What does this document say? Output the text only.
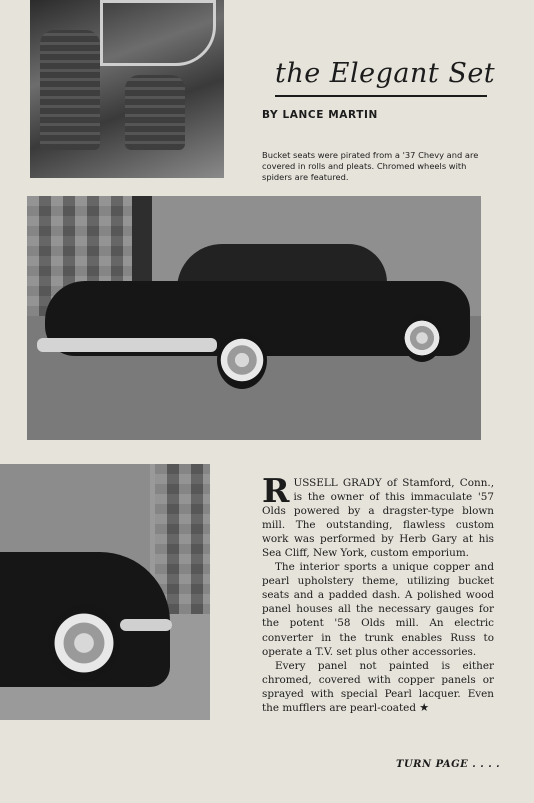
the Elegant Set
BY LANCE MARTIN
Bucket seats were pirated from a '37 Chevy and are covered in rolls and pleats. Chromed wheels with spiders are featured.

RUSSELL GRADY of Stamford, Conn., is the owner of this immaculate '57 Olds powered by a dragster-type blown mill. The outstanding, flawless custom work was performed by Herb Gary at his Sea Cliff, New York, custom emporium.

The interior sports a unique copper and pearl upholstery theme, utilizing bucket seats and a padded dash. A polished wood panel houses all the necessary gauges for the potent '58 Olds mill. An electric converter in the trunk enables Russ to operate a T.V. set plus other accessories.

Every panel not painted is either chromed, covered with copper panels or sprayed with special Pearl lacquer. Even the mufflers are pearl-coated ★

TURN PAGE . . . .
